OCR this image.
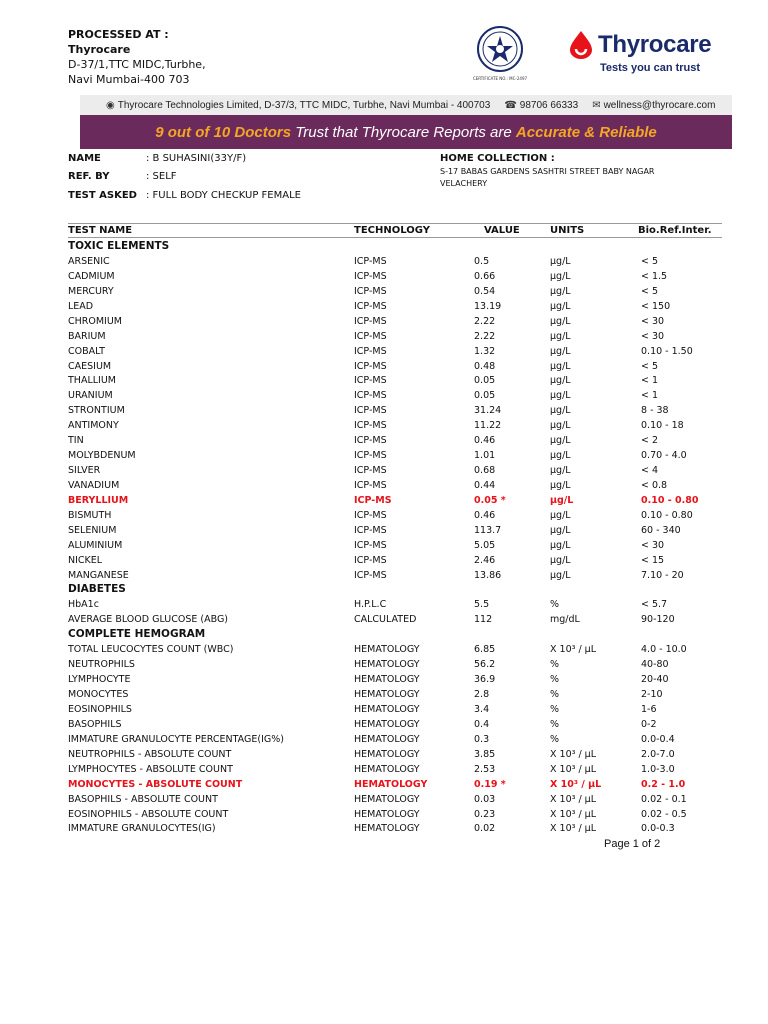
PROCESSED AT :
Thyrocare
D-37/1,TTC MIDC,Turbhe,
Navi Mumbai-400 703	CERTIFICATE NO.: MC-2497
Thyrocare
Tests you can trust
◉ Thyrocare Technologies Limited, D-37/3, TTC MIDC, Turbhe, Navi Mumbai - 400703 ☎ 98706 66333 ✉ wellness@thyrocare.com
9 out of 10 Doctors Trust that Thyrocare Reports are Accurate & Reliable
NAME	: B SUHASINI(33Y/F)
REF. BY	: SELF
TEST ASKED : FULL BODY CHECKUP FEMALE
HOME COLLECTION :
S-17 BABAS GARDENS SASHTRI STREET BABY NAGAR VELACHERY
TEST NAME	TECHNOLOGY	VALUE	UNITS	Bio.Ref.Inter.
TOXIC ELEMENTS
ARSENIC	ICP-MS	0.5	µg/L	< 5
CADMIUM	ICP-MS	0.66	µg/L	< 1.5
MERCURY	ICP-MS	0.54	µg/L	< 5
LEAD	ICP-MS	13.19	µg/L	< 150
CHROMIUM	ICP-MS	2.22	µg/L	< 30
BARIUM	ICP-MS	2.22	µg/L	< 30
COBALT	ICP-MS	1.32	µg/L	0.10 - 1.50
CAESIUM	ICP-MS	0.48	µg/L	< 5
THALLIUM	ICP-MS	0.05	µg/L	< 1
URANIUM	ICP-MS	0.05	µg/L	< 1
STRONTIUM	ICP-MS	31.24	µg/L	8 - 38
ANTIMONY	ICP-MS	11.22	µg/L	0.10 - 18
TIN	ICP-MS	0.46	µg/L	< 2
MOLYBDENUM	ICP-MS	1.01	µg/L	0.70 - 4.0
SILVER	ICP-MS	0.68	µg/L	< 4
VANADIUM	ICP-MS	0.44	µg/L	< 0.8
BERYLLIUM	ICP-MS	0.05 *	µg/L	0.10 - 0.80
BISMUTH	ICP-MS	0.46	µg/L	0.10 - 0.80
SELENIUM	ICP-MS	113.7	µg/L	60 - 340
ALUMINIUM	ICP-MS	5.05	µg/L	< 30
NICKEL	ICP-MS	2.46	µg/L	< 15
MANGANESE	ICP-MS	13.86	µg/L	7.10 - 20
DIABETES
HbA1c	H.P.L.C	5.5	%	< 5.7
AVERAGE BLOOD GLUCOSE (ABG)	CALCULATED	112	mg/dL	90-120
COMPLETE HEMOGRAM
TOTAL LEUCOCYTES COUNT (WBC)	HEMATOLOGY	6.85	X 10³ / µL	4.0 - 10.0
NEUTROPHILS	HEMATOLOGY	56.2	%	40-80
LYMPHOCYTE	HEMATOLOGY	36.9	%	20-40
MONOCYTES	HEMATOLOGY	2.8	%	2-10
EOSINOPHILS	HEMATOLOGY	3.4	%	1-6
BASOPHILS	HEMATOLOGY	0.4	%	0-2
IMMATURE GRANULOCYTE PERCENTAGE(IG%)	HEMATOLOGY	0.3	%	0.0-0.4
NEUTROPHILS - ABSOLUTE COUNT	HEMATOLOGY	3.85	X 10³ / µL	2.0-7.0
LYMPHOCYTES - ABSOLUTE COUNT	HEMATOLOGY	2.53	X 10³ / µL	1.0-3.0
MONOCYTES - ABSOLUTE COUNT	HEMATOLOGY	0.19 *	X 10³ / µL	0.2 - 1.0
BASOPHILS - ABSOLUTE COUNT	HEMATOLOGY	0.03	X 10³ / µL	0.02 - 0.1
EOSINOPHILS - ABSOLUTE COUNT	HEMATOLOGY	0.23	X 10³ / µL	0.02 - 0.5
IMMATURE GRANULOCYTES(IG)	HEMATOLOGY	0.02	X 10³ / µL	0.0-0.3
Page 1 of 2
